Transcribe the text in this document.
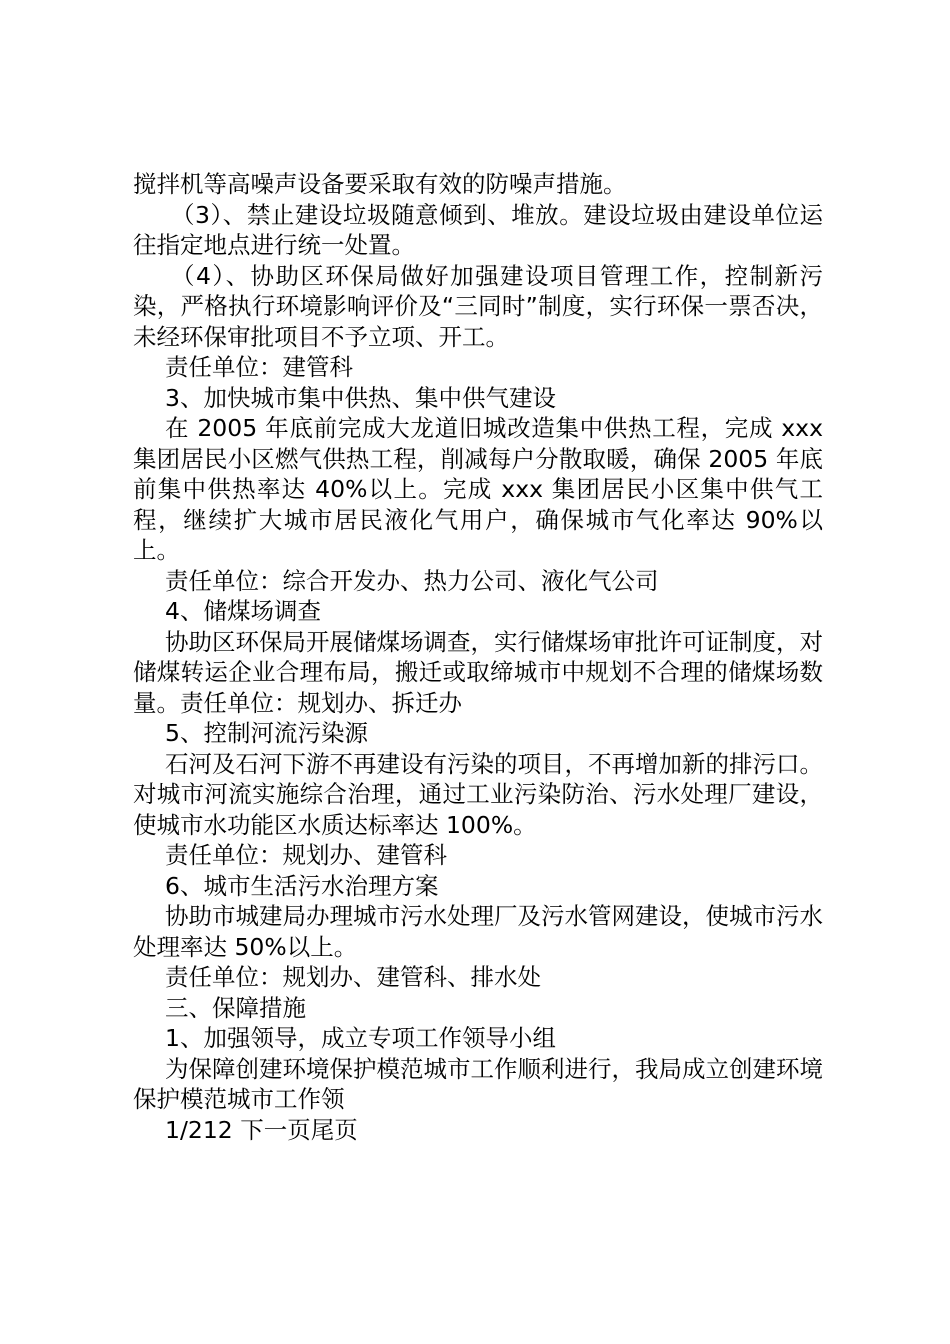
搅拌机等高噪声设备要采取有效的防噪声措施。

（3）、禁止建设垃圾随意倾到、堆放。建设垃圾由建设单位运往指定地点进行统一处置。

（4）、协助区环保局做好加强建设项目管理工作，控制新污染，严格执行环境影响评价及“三同时”制度，实行环保一票否决，未经环保审批项目不予立项、开工。

责任单位：建管科

3、加快城市集中供热、集中供气建设

在 2005 年底前完成大龙道旧城改造集中供热工程，完成 xxx 集团居民小区燃气供热工程，削减每户分散取暖，确保 2005 年底前集中供热率达 40%以上。完成 xxx 集团居民小区集中供气工程，继续扩大城市居民液化气用户，确保城市气化率达 90%以上。

责任单位：综合开发办、热力公司、液化气公司

4、储煤场调查

协助区环保局开展储煤场调查，实行储煤场审批许可证制度，对储煤转运企业合理布局，搬迁或取缔城市中规划不合理的储煤场数量。责任单位：规划办、拆迁办

5、控制河流污染源

石河及石河下游不再建设有污染的项目，不再增加新的排污口。对城市河流实施综合治理，通过工业污染防治、污水处理厂建设，使城市水功能区水质达标率达 100%。

责任单位：规划办、建管科

6、城市生活污水治理方案

协助市城建局办理城市污水处理厂及污水管网建设，使城市污水处理率达 50%以上。

责任单位：规划办、建管科、排水处

三、保障措施

1、加强领导，成立专项工作领导小组

为保障创建环境保护模范城市工作顺利进行，我局成立创建环境保护模范城市工作领

1/212 下一页尾页
